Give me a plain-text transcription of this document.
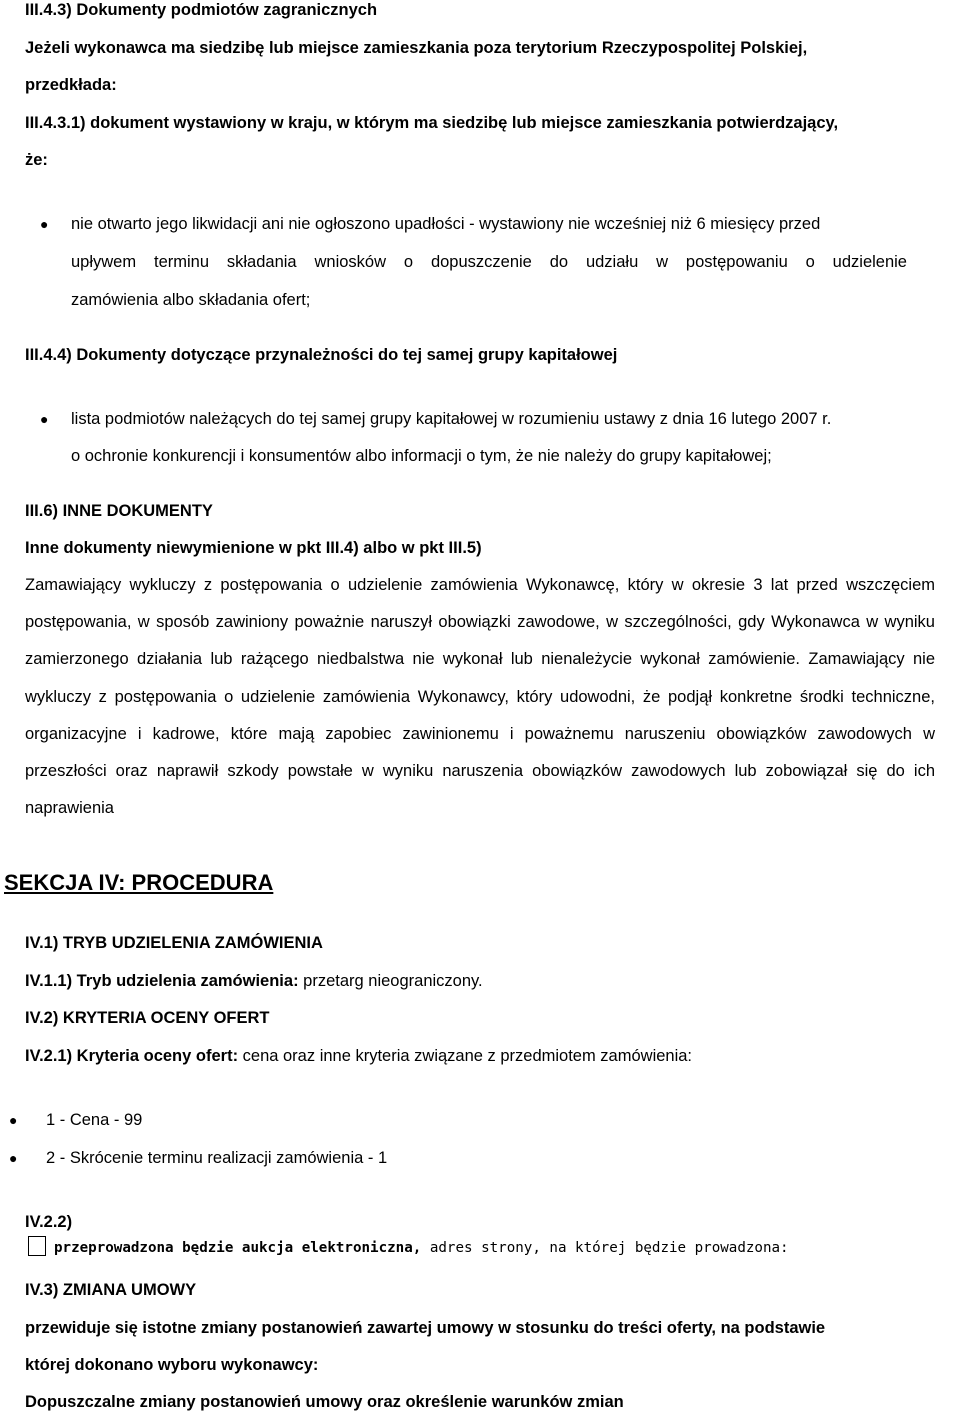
III.4.3) Dokumenty podmiotów zagranicznych
Jeżeli wykonawca ma siedzibę lub miejsce zamieszkania poza terytorium Rzeczypospolitej Polskiej,
przedkłada:
III.4.3.1) dokument wystawiony w kraju, w którym ma siedzibę lub miejsce zamieszkania potwierdzający,
że:
● nie otwarto jego likwidacji ani nie ogłoszono upadłości - wystawiony nie wcześniej niż 6 miesięcy przed
upływem terminu składania wniosków o dopuszczenie do udziału w postępowaniu o udzielenie
zamówienia albo składania ofert;
III.4.4) Dokumenty dotyczące przynależności do tej samej grupy kapitałowej
● lista podmiotów należących do tej samej grupy kapitałowej w rozumieniu ustawy z dnia 16 lutego 2007 r.
o ochronie konkurencji i konsumentów albo informacji o tym, że nie należy do grupy kapitałowej;
III.6) INNE DOKUMENTY
Inne dokumenty niewymienione w pkt III.4) albo w pkt III.5)
Zamawiający wykluczy z postępowania o udzielenie zamówienia Wykonawcę, który w okresie 3 lat przed wszczęciem postępowania, w sposób zawiniony poważnie naruszył obowiązki zawodowe, w szczególności, gdy Wykonawca w wyniku zamierzonego działania lub rażącego niedbalstwa nie wykonał lub nienależycie wykonał zamówienie. Zamawiający nie wykluczy z postępowania o udzielenie zamówienia Wykonawcy, który udowodni, że podjął konkretne środki techniczne, organizacyjne i kadrowe, które mają zapobiec zawinionemu i poważnemu naruszeniu obowiązków zawodowych w przeszłości oraz naprawił szkody powstałe w wyniku naruszenia obowiązków zawodowych lub zobowiązał się do ich naprawienia
SEKCJA IV: PROCEDURA
IV.1) TRYB UDZIELENIA ZAMÓWIENIA
IV.1.1) Tryb udzielenia zamówienia: przetarg nieograniczony.
IV.2) KRYTERIA OCENY OFERT
IV.2.1) Kryteria oceny ofert: cena oraz inne kryteria związane z przedmiotem zamówienia:
● 1 - Cena - 99
● 2 - Skrócenie terminu realizacji zamówienia - 1
IV.2.2)
przeprowadzona będzie aukcja elektroniczna, adres strony, na której będzie prowadzona:
IV.3) ZMIANA UMOWY
przewiduje się istotne zmiany postanowień zawartej umowy w stosunku do treści oferty, na podstawie
której dokonano wyboru wykonawcy:
Dopuszczalne zmiany postanowień umowy oraz określenie warunków zmian
